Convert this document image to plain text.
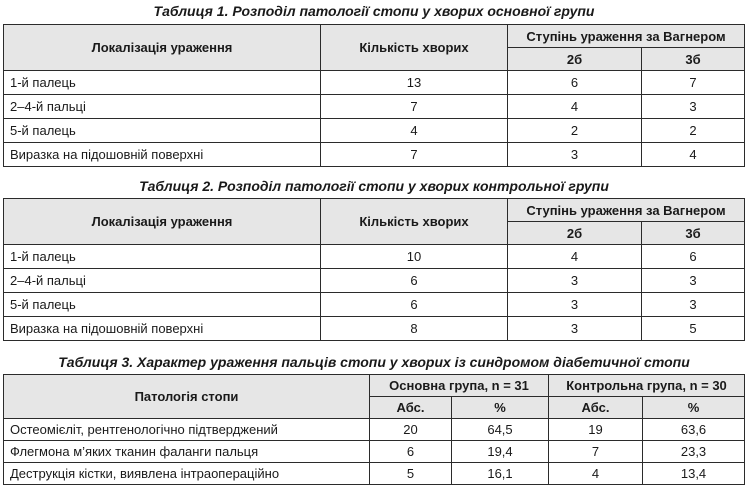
Таблиця 1. Розподіл патології стопи у хворих основної групи
Локалізація ураження	Кількість хворих	Ступінь ураження за Вагнером	
		2б	3б
1-й палець	13	6	7
2–4-й пальці	7	4	3
5-й палець	4	2	2
Виразка на підошовній поверхні	7	3	4
Таблиця 2. Розподіл патології стопи у хворих контрольної групи
Локалізація ураження	Кількість хворих	Ступінь ураження за Вагнером	
		2б	3б
1-й палець	10	4	6
2–4-й пальці	6	3	3
5-й палець	6	3	3
Виразка на підошовній поверхні	8	3	5
Таблиця 3. Характер ураження пальців стопи у хворих із синдромом діабетичної стопи
Патологія стопи	Основна група, n = 31		Контрольна група, n = 30	
	Абс.	%	Абс.	%
Остеомієліт, рентгенологічно підтверджений	20	64,5	19	63,6
Флегмона м’яких тканин фаланги пальця	6	19,4	7	23,3
Деструкція кістки, виявлена інтраопераційно	5	16,1	4	13,4
